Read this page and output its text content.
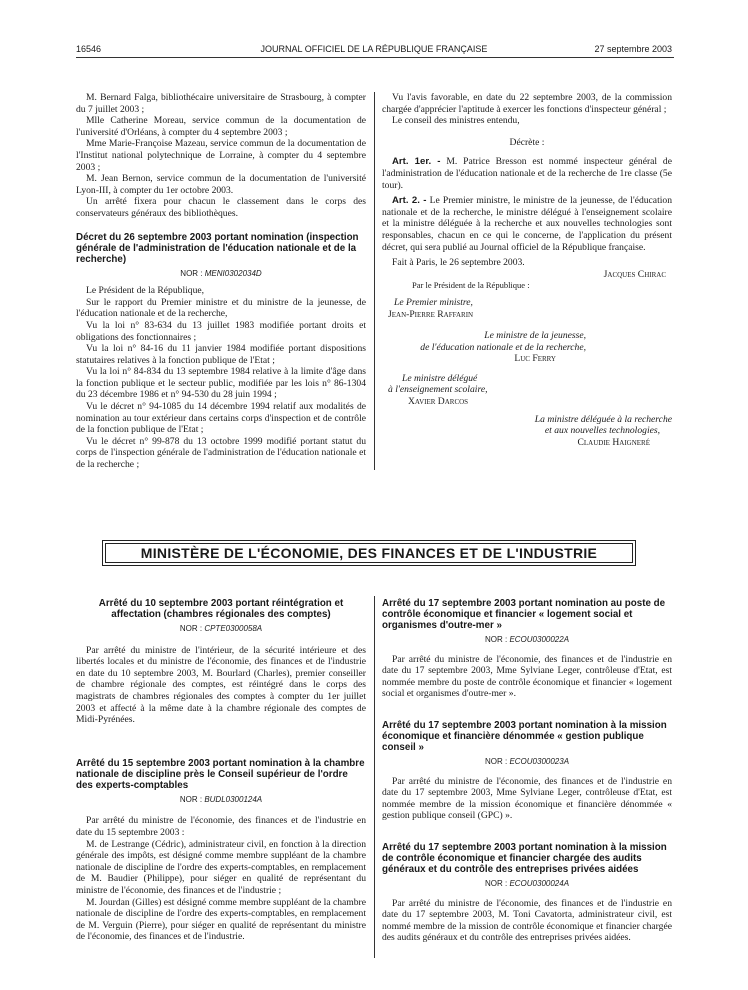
16546	JOURNAL OFFICIEL DE LA RÉPUBLIQUE FRANÇAISE	27 septembre 2003

M. Bernard Falga, bibliothécaire universitaire de Strasbourg, à compter du 7 juillet 2003 ;

Mlle Catherine Moreau, service commun de la documentation de l'université d'Orléans, à compter du 4 septembre 2003 ;

Mme Marie-Françoise Mazeau, service commun de la documentation de l'Institut national polytechnique de Lorraine, à compter du 4 septembre 2003 ;

M. Jean Bernon, service commun de la documentation de l'université Lyon-III, à compter du 1er octobre 2003.

Un arrêté fixera pour chacun le classement dans le corps des conservateurs généraux des bibliothèques.

Décret du 26 septembre 2003 portant nomination (inspection générale de l'administration de l'éducation nationale et de la recherche)
NOR : MENI0302034D

Le Président de la République,

Sur le rapport du Premier ministre et du ministre de la jeunesse, de l'éducation nationale et de la recherche,

Vu la loi n° 83-634 du 13 juillet 1983 modifiée portant droits et obligations des fonctionnaires ;

Vu la loi n° 84-16 du 11 janvier 1984 modifiée portant dispositions statutaires relatives à la fonction publique de l'Etat ;

Vu la loi n° 84-834 du 13 septembre 1984 relative à la limite d'âge dans la fonction publique et le secteur public, modifiée par les lois n° 86-1304 du 23 décembre 1986 et n° 94-530 du 28 juin 1994 ;

Vu le décret n° 94-1085 du 14 décembre 1994 relatif aux modalités de nomination au tour extérieur dans certains corps d'inspection et de contrôle de la fonction publique de l'Etat ;

Vu le décret n° 99-878 du 13 octobre 1999 modifié portant statut du corps de l'inspection générale de l'administration de l'éducation nationale et de la recherche ;

Vu l'avis favorable, en date du 22 septembre 2003, de la commission chargée d'apprécier l'aptitude à exercer les fonctions d'inspecteur général ;

Le conseil des ministres entendu,

Décrète :

Art. 1er. - M. Patrice Bresson est nommé inspecteur général de l'administration de l'éducation nationale et de la recherche de 1re classe (5e tour).

Art. 2. - Le Premier ministre, le ministre de la jeunesse, de l'éducation nationale et de la recherche, le ministre délégué à l'enseignement scolaire et la ministre déléguée à la recherche et aux nouvelles technologies sont responsables, chacun en ce qui le concerne, de l'application du présent décret, qui sera publié au Journal officiel de la République française.

Fait à Paris, le 26 septembre 2003.

Jacques Chirac

Par le Président de la République :

Le Premier ministre,

Jean-Pierre Raffarin

Le ministre de la jeunesse,

de l'éducation nationale et de la recherche,

Luc Ferry

Le ministre délégué

à l'enseignement scolaire,

Xavier Darcos

La ministre déléguée à la recherche

et aux nouvelles technologies,

Claudie Haigneré

MINISTÈRE DE L'ÉCONOMIE, DES FINANCES ET DE L'INDUSTRIE
Arrêté du 10 septembre 2003 portant réintégration et affectation (chambres régionales des comptes)
NOR : CPTE0300058A

Par arrêté du ministre de l'intérieur, de la sécurité intérieure et des libertés locales et du ministre de l'économie, des finances et de l'industrie en date du 10 septembre 2003, M. Bourlard (Charles), premier conseiller de chambre régionale des comptes, est réintégré dans le corps des magistrats de chambres régionales des comptes à compter du 1er juillet 2003 et affecté à la même date à la chambre régionale des comptes de Midi-Pyrénées.

Arrêté du 15 septembre 2003 portant nomination à la chambre nationale de discipline près le Conseil supérieur de l'ordre des experts-comptables
NOR : BUDL0300124A

Par arrêté du ministre de l'économie, des finances et de l'industrie en date du 15 septembre 2003 :

M. de Lestrange (Cédric), administrateur civil, en fonction à la direction générale des impôts, est désigné comme membre suppléant de la chambre nationale de discipline de l'ordre des experts-comptables, en remplacement de M. Baudier (Philippe), pour siéger en qualité de représentant du ministre de l'économie, des finances et de l'industrie ;

M. Jourdan (Gilles) est désigné comme membre suppléant de la chambre nationale de discipline de l'ordre des experts-comptables, en remplacement de M. Verguin (Pierre), pour siéger en qualité de représentant du ministre de l'économie, des finances et de l'industrie.

Arrêté du 17 septembre 2003 portant nomination au poste de contrôle économique et financier « logement social et organismes d'outre-mer »
NOR : ECOU0300022A

Par arrêté du ministre de l'économie, des finances et de l'industrie en date du 17 septembre 2003, Mme Sylviane Leger, contrôleuse d'Etat, est nommée membre du poste de contrôle économique et financier « logement social et organismes d'outre-mer ».

Arrêté du 17 septembre 2003 portant nomination à la mission économique et financière dénommée « gestion publique conseil »
NOR : ECOU0300023A

Par arrêté du ministre de l'économie, des finances et de l'industrie en date du 17 septembre 2003, Mme Sylviane Leger, contrôleuse d'Etat, est nommée membre de la mission économique et financière dénommée « gestion publique conseil (GPC) ».

Arrêté du 17 septembre 2003 portant nomination à la mission de contrôle économique et financier chargée des audits généraux et du contrôle des entreprises privées aidées
NOR : ECOU0300024A

Par arrêté du ministre de l'économie, des finances et de l'industrie en date du 17 septembre 2003, M. Toni Cavatorta, administrateur civil, est nommé membre de la mission de contrôle économique et financier chargée des audits généraux et du contrôle des entreprises privées aidées.
